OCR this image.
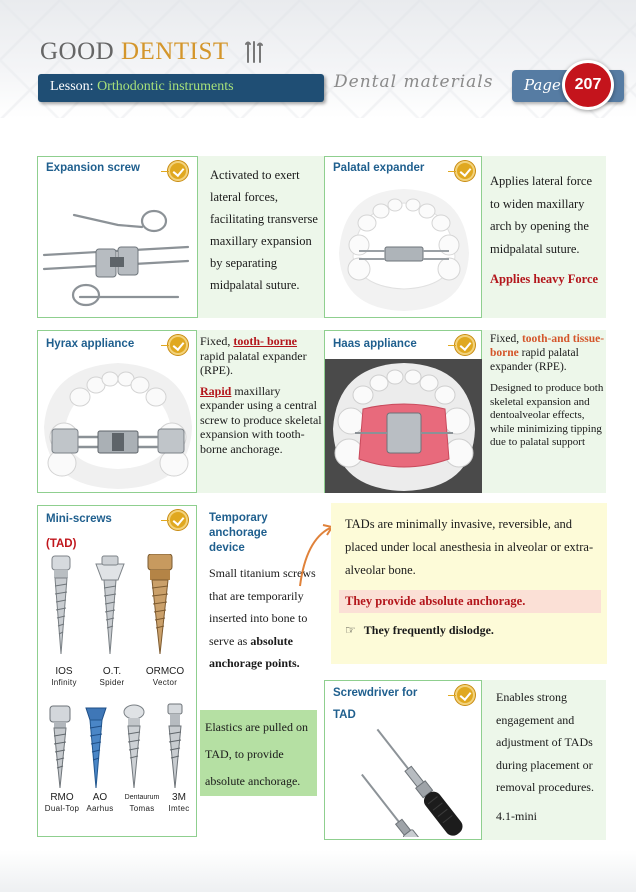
GOOD DENTIST
Lesson: Orthodontic instruments	Dental materials	Page 207
Expansion screw	Activated to exert
lateral forces,
facilitating transverse
maxillary expansion
by separating
midpalatal suture.
Palatal expander
Applies lateral force
to widen maxillary
arch by opening the
midpalatal suture.
Applies heavy Force
Hyrax appliance	Fixed, tooth- borne rapid palatal expander (RPE).
Rapid maxillary expander using a central screw to produce skeletal expansion with tooth-borne anchorage.
Haas appliance	Fixed, tooth-and tissue-borne rapid palatal expander (RPE).
Designed to produce both skeletal expansion and dentoalveolar effects, while minimizing tipping due to palatal support
Mini-screws
(TAD)
IOS
Infinity
O.T.
Spider
ORMCO
Vector
RMO
Dual-Top
AO
Aarhus
Dentaurum
Tomas
3M
Imtec
Temporary
anchorage
device
Small titanium screws that are temporarily inserted into bone to serve as absolute anchorage points.
Elastics are pulled on TAD, to provide absolute anchorage.
TADs are minimally invasive, reversible, and placed under local anesthesia in alveolar or extra-alveolar bone.
They provide absolute anchorage.
☞ They frequently dislodge.
Screwdriver for
TAD
Enables strong engagement and adjustment of TADs during placement or removal procedures.
4.1-mini
